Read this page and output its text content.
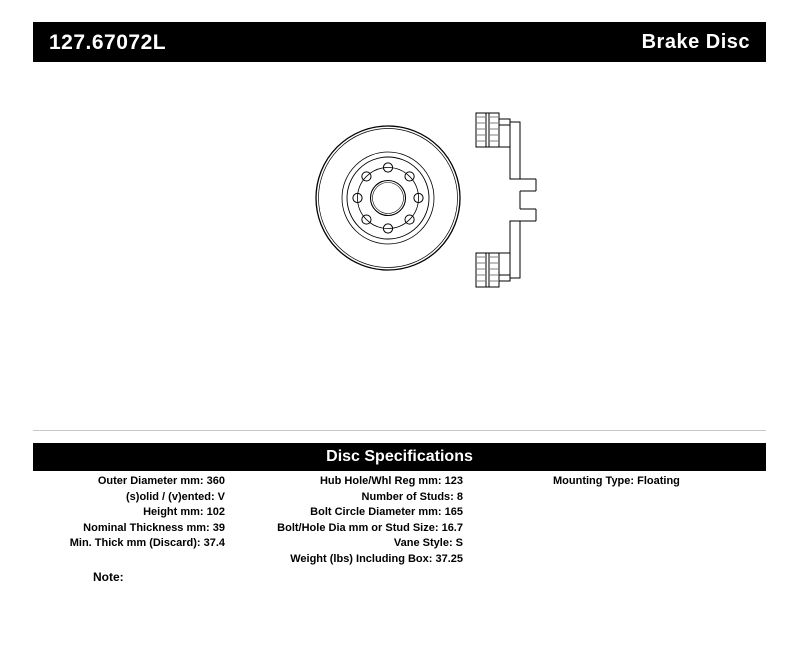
127.67072L	Brake Disc
Disc Specifications
Outer Diameter mm: 360
(s)olid / (v)ented: V
Height mm: 102
Nominal Thickness mm: 39
Min. Thick mm (Discard): 37.4
Hub Hole/Whl Reg mm: 123
Number of Studs: 8
Bolt Circle Diameter mm: 165
Bolt/Hole Dia mm or Stud Size: 16.7
Vane Style: S
Weight (lbs) Including Box: 37.25
Mounting Type: Floating
Note:
